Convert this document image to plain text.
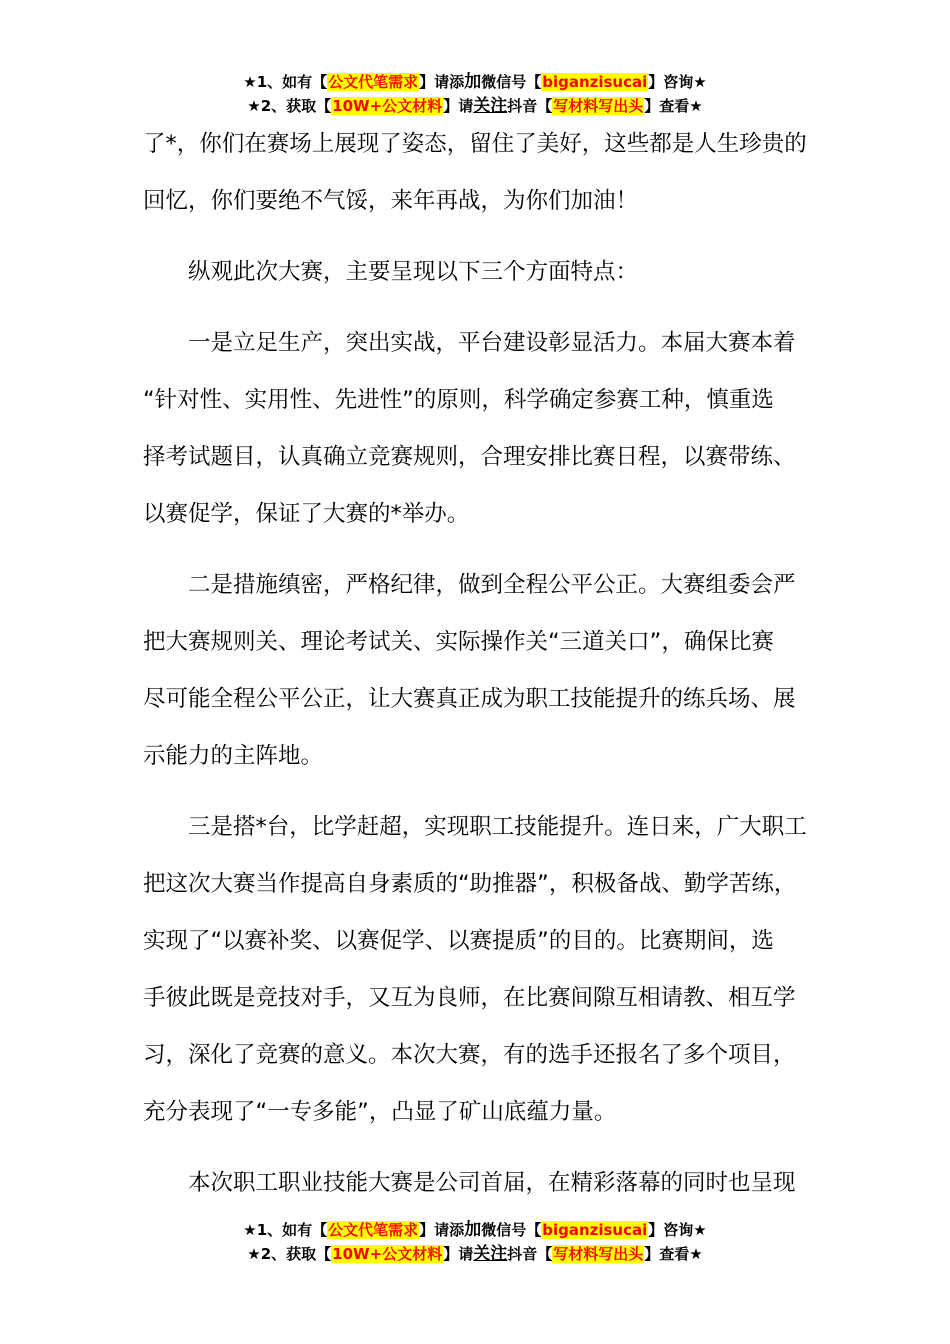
★1、如有【公文代笔需求】请添加微信号【biganzisucai】咨询★
★2、获取【10W+公文材料】请关注抖音【写材料写出头】查看★

了*，你们在赛场上展现了姿态，留住了美好，这些都是人生珍贵的
回忆，你们要绝不气馁，来年再战，为你们加油！

纵观此次大赛，主要呈现以下三个方面特点：

一是立足生产，突出实战，平台建设彰显活力。本届大赛本着
“针对性、实用性、先进性”的原则，科学确定参赛工种，慎重选
择考试题目，认真确立竞赛规则，合理安排比赛日程，以赛带练、
以赛促学，保证了大赛的*举办。

二是措施缜密，严格纪律，做到全程公平公正。大赛组委会严
把大赛规则关、理论考试关、实际操作关“三道关口”，确保比赛
尽可能全程公平公正，让大赛真正成为职工技能提升的练兵场、展
示能力的主阵地。

三是搭*台，比学赶超，实现职工技能提升。连日来，广大职工
把这次大赛当作提高自身素质的“助推器”，积极备战、勤学苦练，
实现了“以赛补奖、以赛促学、以赛提质”的目的。比赛期间，选
手彼此既是竞技对手，又互为良师，在比赛间隙互相请教、相互学
习，深化了竞赛的意义。本次大赛，有的选手还报名了多个项目，
充分表现了“一专多能”，凸显了矿山底蕴力量。

本次职工职业技能大赛是公司首届，在精彩落幕的同时也呈现

★1、如有【公文代笔需求】请添加微信号【biganzisucai】咨询★
★2、获取【10W+公文材料】请关注抖音【写材料写出头】查看★
